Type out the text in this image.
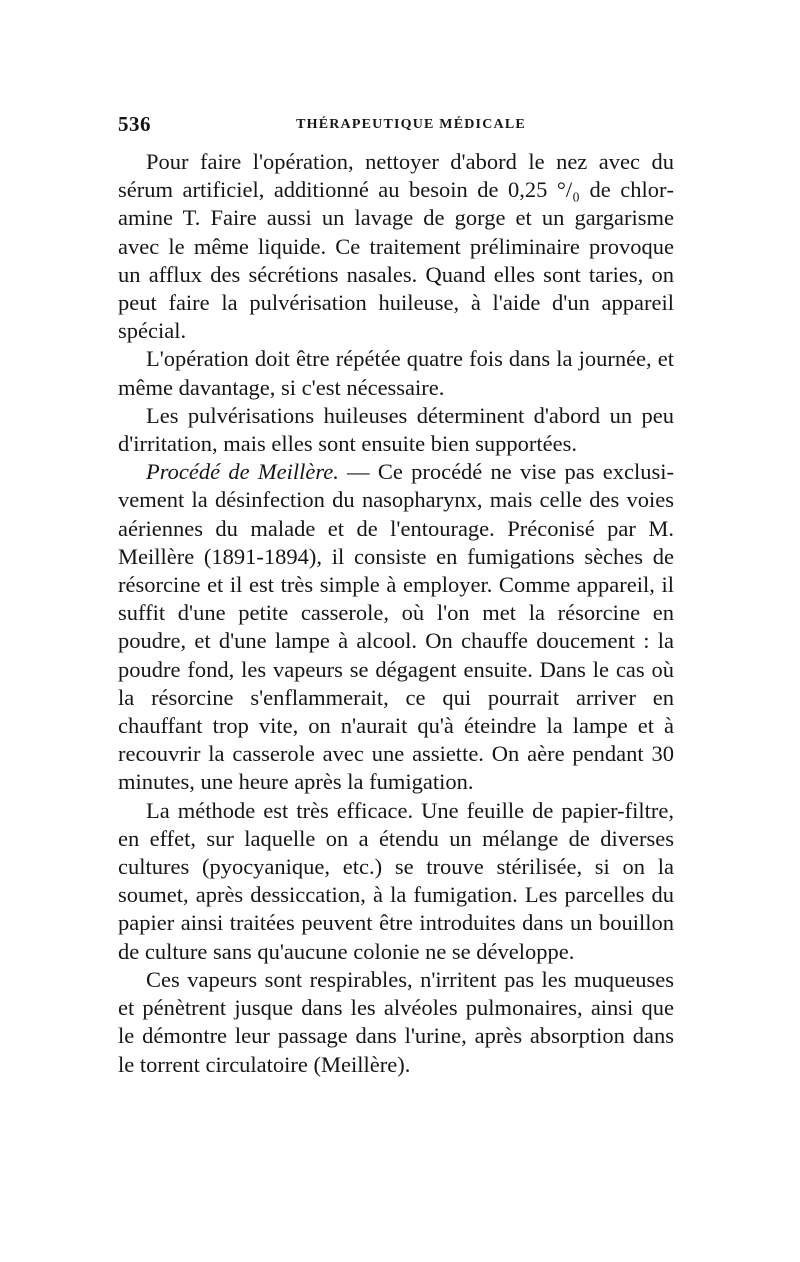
536	THÉRAPEUTIQUE MÉDICALE

Pour faire l'opération, nettoyer d'abord le nez avec du sérum artificiel, additionné au besoin de 0,25 °/₀ de chloramine T. Faire aussi un lavage de gorge et un gargarisme avec le même liquide. Ce traitement préliminaire provoque un afflux des sécrétions nasales. Quand elles sont taries, on peut faire la pulvérisation huileuse, à l'aide d'un appareil spécial.

L'opération doit être répétée quatre fois dans la journée, et même davantage, si c'est nécessaire.

Les pulvérisations huileuses déterminent d'abord un peu d'irritation, mais elles sont ensuite bien supportées.

Procédé de Meillère. — Ce procédé ne vise pas exclusivement la désinfection du nasopharynx, mais celle des voies aériennes du malade et de l'entourage. Préconisé par M. Meillère (1891-1894), il consiste en fumigations sèches de résorcine et il est très simple à employer. Comme appareil, il suffit d'une petite casserole, où l'on met la résorcine en poudre, et d'une lampe à alcool. On chauffe doucement : la poudre fond, les vapeurs se dégagent ensuite. Dans le cas où la résorcine s'enflammerait, ce qui pourrait arriver en chauffant trop vite, on n'aurait qu'à éteindre la lampe et à recouvrir la casserole avec une assiette. On aère pendant 30 minutes, une heure après la fumigation.

La méthode est très efficace. Une feuille de papier-filtre, en effet, sur laquelle on a étendu un mélange de diverses cultures (pyocyanique, etc.) se trouve stérilisée, si on la soumet, après dessiccation, à la fumigation. Les parcelles du papier ainsi traitées peuvent être introduites dans un bouillon de culture sans qu'aucune colonie ne se développe.

Ces vapeurs sont respirables, n'irritent pas les muqueuses et pénètrent jusque dans les alvéoles pulmonaires, ainsi que le démontre leur passage dans l'urine, après absorption dans le torrent circulatoire (Meillère).
